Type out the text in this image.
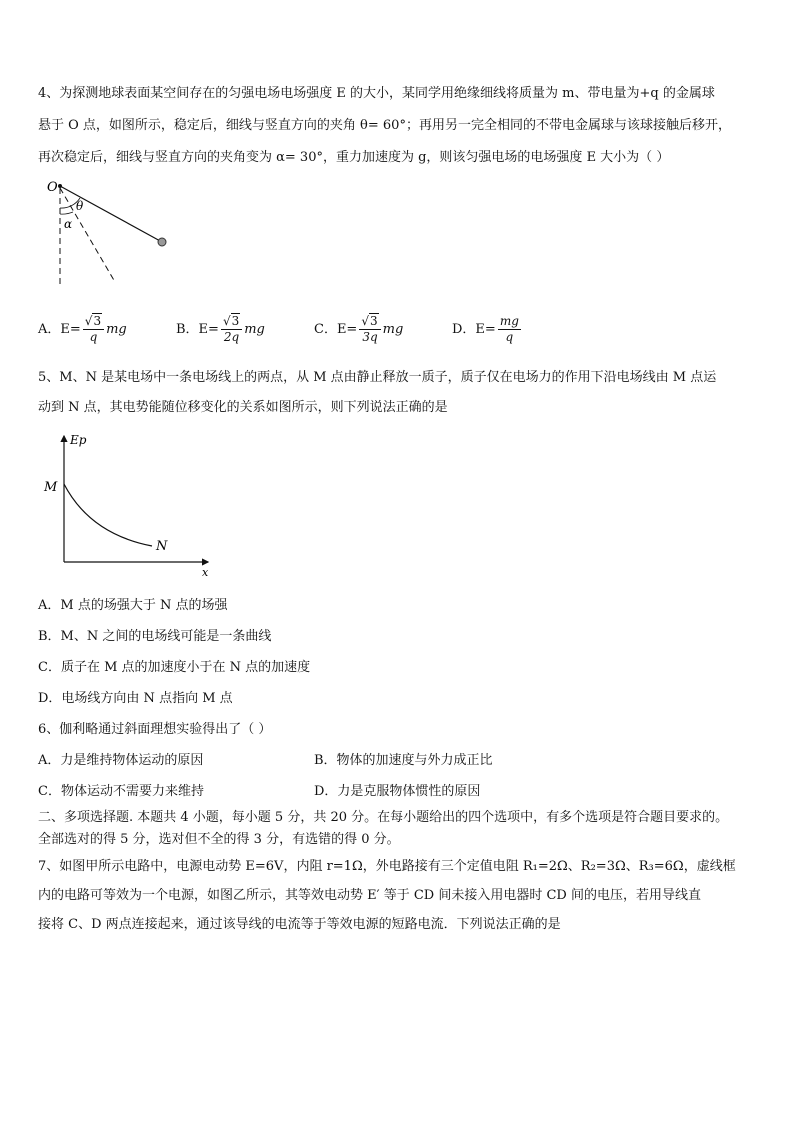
4、为探测地球表面某空间存在的匀强电场电场强度 E 的大小，某同学用绝缘细线将质量为 m、带电量为+q 的金属球
悬于 O 点，如图所示，稳定后，细线与竖直方向的夹角 θ= 60°；再用另一完全相同的不带电金属球与该球接触后移开，
再次稳定后，细线与竖直方向的夹角变为 α= 30°，重力加速度为 g，则该匀强电场的电场强度 E 大小为（ ）
O
θ
α
A．$E= \frac{√3}{q}$ mg	B．$E= \frac{√3}{2q}$ mg	C．$E= \frac{√3}{3q}$ mg	D．$E= \frac{mg}{q}$
5、M、N 是某电场中一条电场线上的两点，从 M 点由静止释放一质子，质子仅在电场力的作用下沿电场线由 M 点运
动到 N 点，其电势能随位移变化的关系如图所示，则下列说法正确的是
Ep
x
M
N
A．M 点的场强大于 N 点的场强
B．M、N 之间的电场线可能是一条曲线
C．质子在 M 点的加速度小于在 N 点的加速度
D．电场线方向由 N 点指向 M 点
6、伽利略通过斜面理想实验得出了（ ）
A．力是维持物体运动的原因	B．物体的加速度与外力成正比
C．物体运动不需要力来维持	D．力是克服物体惯性的原因
二、多项选择题. 本题共 4 小题，每小题 5 分，共 20 分。在每小题给出的四个选项中，有多个选项是符合题目要求的。
全部选对的得 5 分，选对但不全的得 3 分，有选错的得 0 分。
7、如图甲所示电路中，电源电动势 E=6V，内阻 r=1Ω，外电路接有三个定值电阻 R₁=2Ω、R₂=3Ω、R₃=6Ω，虚线框
内的电路可等效为一个电源，如图乙所示，其等效电动势 E′ 等于 CD 间未接入用电器时 CD 间的电压，若用导线直
接将 C、D 两点连接起来，通过该导线的电流等于等效电源的短路电流．下列说法正确的是
